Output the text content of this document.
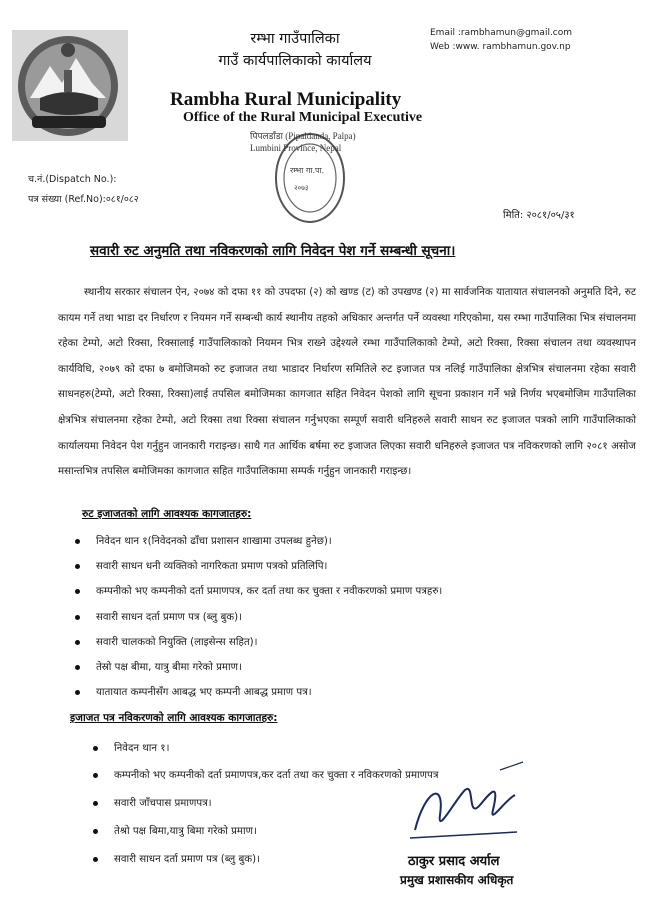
रम्भा गाउँपालिका
गाउँ कार्यपालिकाको कार्यालय
Email :rambhamun@gmail.com
Web :www. rambhamun.gov.np
Rambha Rural Municipality
Office of the Rural Municipal Executive
रम्भा गा.पा.
२०७३
पिपलडाँडा (Pipaldanda, Palpa)
Lumbini Province, Nepal
च.नं.(Dispatch No.):
पत्र संख्या (Ref.No):०८१/०८२
मिति: २०८१/०५/३१
सवारी रुट अनुमति तथा नविकरणको लागि निवेदन पेश गर्ने सम्बन्धी सूचना।
स्थानीय सरकार संचालन ऐन, २०७४ को दफा ११ को उपदफा (२) को खण्ड (ट) को उपखण्ड (२) मा सार्वजनिक यातायात संचालनको अनुमति दिने, रुट कायम गर्ने तथा भाडा दर निर्धारण र नियमन गर्ने सम्बन्धी कार्य स्थानीय तहको अधिकार अन्तर्गत पर्ने व्यवस्था गरिएकोमा, यस रम्भा गाउँपालिका भित्र संचालनमा रहेका टेम्पो, अटो रिक्सा, रिक्सालाई गाउँपालिकाको नियमन भित्र राख्ने उद्देश्यले रम्भा गाउँपालिकाको टेम्पो, अटो रिक्सा, रिक्सा संचालन तथा व्यवस्थापन कार्यविधि, २०७९ को दफा ७ बमोजिमको रुट इजाजत तथा भाडादर निर्धारण समितिले रुट इजाजत पत्र नलिई गाउँपालिका क्षेत्रभित्र संचालनमा रहेका सवारी साधनहरु(टेम्पो, अटो रिक्सा, रिक्सा)लाई तपसिल बमोजिमका कागजात सहित निवेदन पेशको लागि सूचना प्रकाशन गर्ने भन्ने निर्णय भएबमोजिम गाउँपालिका क्षेत्रभित्र संचालनमा रहेका टेम्पो, अटो रिक्सा तथा रिक्सा संचालन गर्नुभएका सम्पूर्ण सवारी धनिहरुले सवारी साधन रुट इजाजत पत्रको लागि गाउँपालिकाको कार्यालयमा निवेदन पेश गर्नुहुन जानकारी गराइन्छ। साथै गत आर्थिक बर्षमा रुट इजाजत लिएका सवारी धनिहरुले इजाजत पत्र नविकरणको लागि २०८१ असोज मसान्तभित्र तपसिल बमोजिमका कागजात सहित गाउँपालिकामा सम्पर्क गर्नुहुन जानकारी गराइन्छ।
रुट इजाजतको लागि आवश्यक कागजातहरु:
निवेदन थान १(निवेदनको ढाँचा प्रशासन शाखामा उपलब्ध हुनेछ)।
सवारी साधन धनी व्यक्तिको नागरिकता प्रमाण पत्रको प्रतिलिपि।
कम्पनीको भए कम्पनीको दर्ता प्रमाणपत्र, कर दर्ता तथा कर चुक्ता र नवीकरणको प्रमाण पत्रहरु।
सवारी साधन दर्ता प्रमाण पत्र (ब्लु बुक)।
सवारी चालकको नियुक्ति (लाइसेन्स सहित)।
तेस्रो पक्ष बीमा, यात्रु बीमा गरेको प्रमाण।
यातायात कम्पनीसँग आबद्ध भए कम्पनी आबद्ध प्रमाण पत्र।
इजाजत पत्र नविकरणको लागि आवश्यक कागजातहरु:
निवेदन थान १।
कम्पनीको भए कम्पनीको दर्ता प्रमाणपत्र,कर दर्ता तथा कर चुक्ता र नविकरणको प्रमाणपत्र
सवारी जाँचपास प्रमाणपत्र।
तेश्रो पक्ष बिमा,यात्रु बिमा गरेको प्रमाण।
सवारी साधन दर्ता प्रमाण पत्र (ब्लु बुक)।	ठाकुर प्रसाद अर्याल
प्रमुख प्रशासकीय अधिकृत
